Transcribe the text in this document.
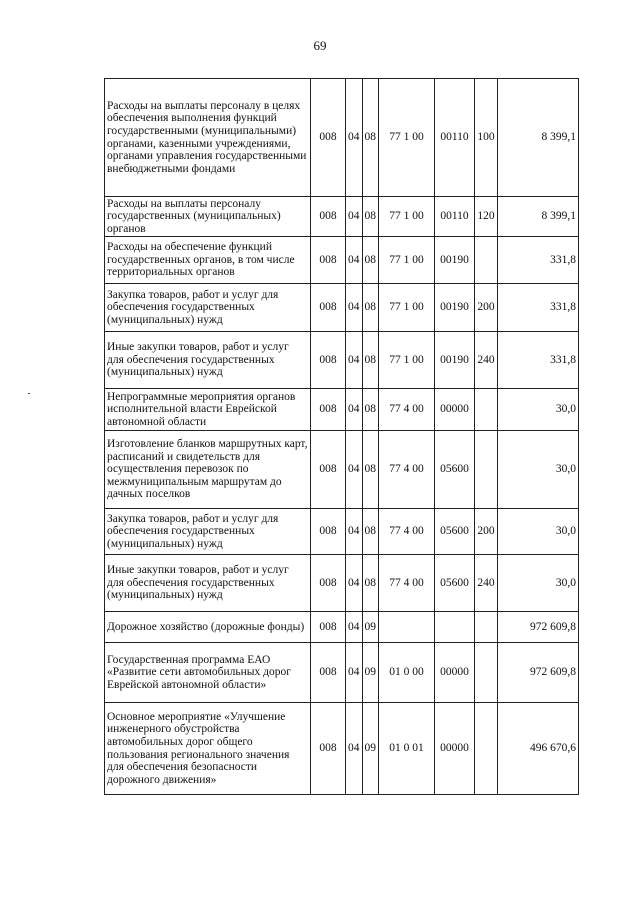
69
Расходы на выплаты персоналу в целях обеспечения выполнения функций государственными (муниципальными) органами, казенными учреждениями, органами управления государственными внебюджетными фондами	008	04	08	77 1 00	00110	100	8 399,1
Расходы на выплаты персоналу государственных (муниципальных) органов	008	04	08	77 1 00	00110	120	8 399,1
Расходы на обеспечение функций государственных органов, в том числе территориальных органов	008	04	08	77 1 00	00190		331,8
Закупка товаров, работ и услуг для обеспечения государственных (муниципальных) нужд	008	04	08	77 1 00	00190	200	331,8
Иные закупки товаров, работ и услуг для обеспечения государственных (муниципальных) нужд	008	04	08	77 1 00	00190	240	331,8
Непрограммные мероприятия органов исполнительной власти Еврейской автономной области	008	04	08	77 4 00	00000		30,0
Изготовление бланков маршрутных карт, расписаний и свидетельств для осуществления перевозок по межмуниципальным маршрутам до дачных поселков	008	04	08	77 4 00	05600		30,0
Закупка товаров, работ и услуг для обеспечения государственных (муниципальных) нужд	008	04	08	77 4 00	05600	200	30,0
Иные закупки товаров, работ и услуг для обеспечения государственных (муниципальных) нужд	008	04	08	77 4 00	05600	240	30,0
Дорожное хозяйство (дорожные фонды)	008	04	09				972 609,8
Государственная программа ЕАО «Развитие сети автомобильных дорог Еврейской автономной области»	008	04	09	01 0 00	00000		972 609,8
Основное мероприятие «Улучшение инженерного обустройства автомобильных дорог общего пользования регионального значения для обеспечения безопасности дорожного движения»	008	04	09	01 0 01	00000		496 670,6
